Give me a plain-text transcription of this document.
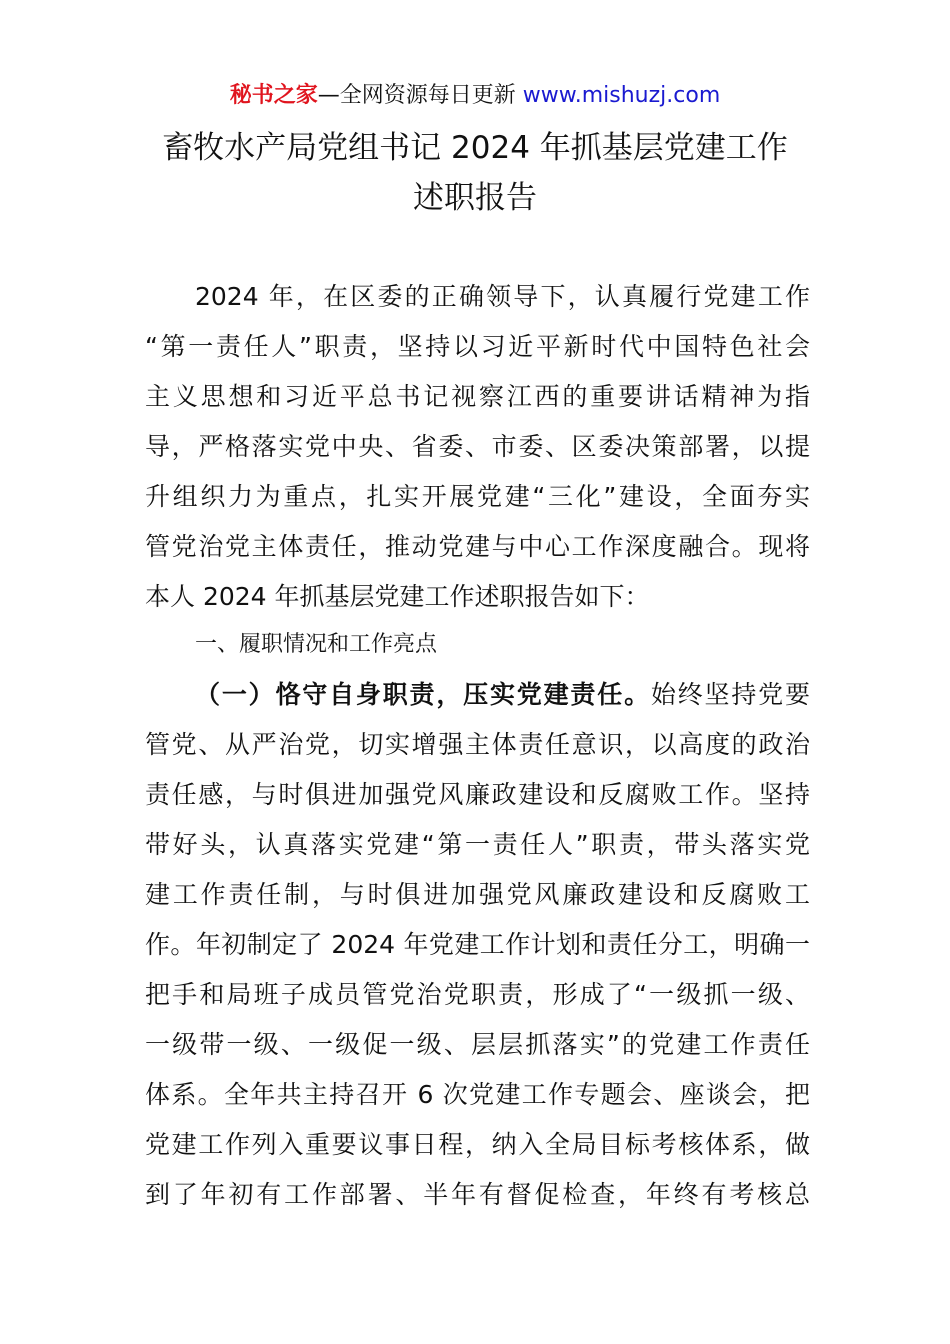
秘书之家—全网资源每日更新 www.mishuzj.com
畜牧水产局党组书记 2024 年抓基层党建工作
述职报告
2024 年，在区委的正确领导下，认真履行党建工作
“第一责任人”职责，坚持以习近平新时代中国特色社会
主义思想和习近平总书记视察江西的重要讲话精神为指
导，严格落实党中央、省委、市委、区委决策部署，以提
升组织力为重点，扎实开展党建“三化”建设，全面夯实
管党治党主体责任，推动党建与中心工作深度融合。现将
本人 2024 年抓基层党建工作述职报告如下：
一、履职情况和工作亮点
（一）恪守自身职责，压实党建责任。始终坚持党要
管党、从严治党，切实增强主体责任意识，以高度的政治
责任感，与时俱进加强党风廉政建设和反腐败工作。坚持
带好头，认真落实党建“第一责任人”职责，带头落实党
建工作责任制，与时俱进加强党风廉政建设和反腐败工
作。年初制定了 2024 年党建工作计划和责任分工，明确一
把手和局班子成员管党治党职责，形成了“一级抓一级、
一级带一级、一级促一级、层层抓落实”的党建工作责任
体系。全年共主持召开 6 次党建工作专题会、座谈会，把
党建工作列入重要议事日程，纳入全局目标考核体系，做
到了年初有工作部署、半年有督促检查，年终有考核总
